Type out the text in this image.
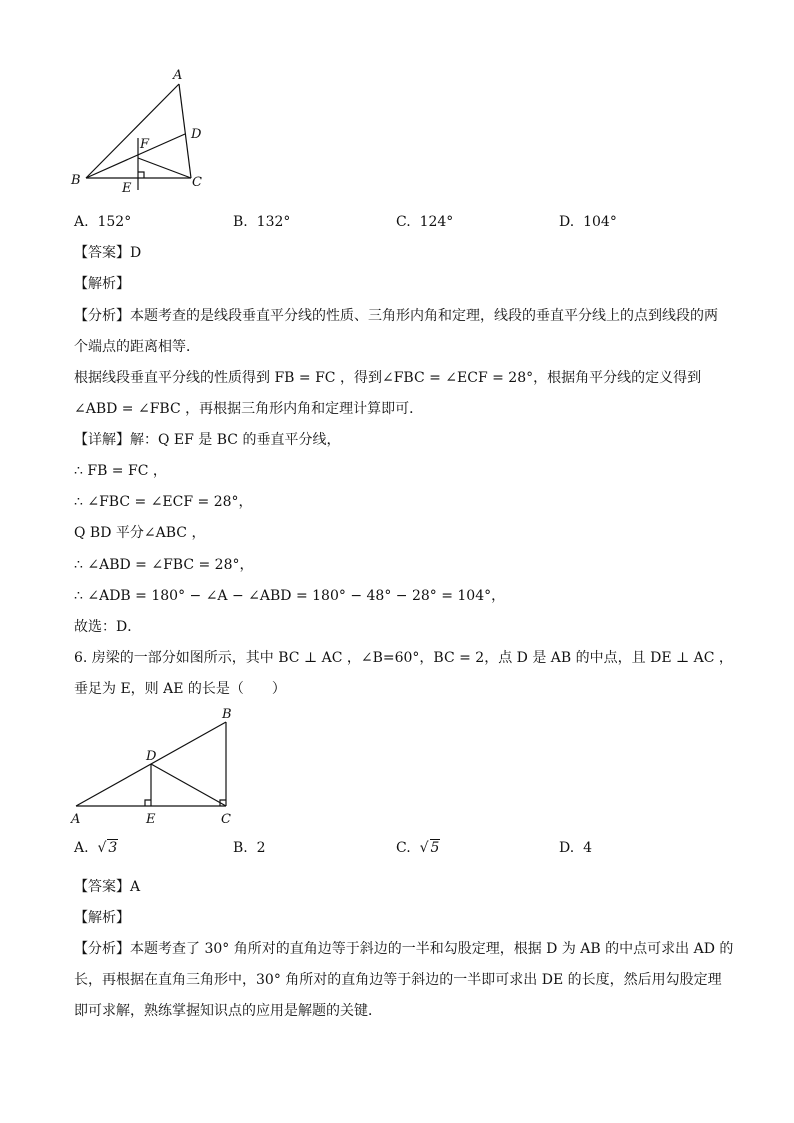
A
D
F
B	C
E
A. 152°	B. 132°	C. 124°	D. 104°
【答案】D
【解析】
【分析】本题考查的是线段垂直平分线的性质、三角形内角和定理，线段的垂直平分线上的点到线段的两
个端点的距离相等．
根据线段垂直平分线的性质得到 FB = FC ，得到∠FBC = ∠ECF = 28°，根据角平分线的定义得到
∠ABD = ∠FBC ，再根据三角形内角和定理计算即可．
【详解】解：Q EF 是 BC 的垂直平分线，
∴ FB = FC ，
∴ ∠FBC = ∠ECF = 28°，
Q BD 平分∠ABC ，
∴ ∠ABD = ∠FBC = 28°，
∴ ∠ADB = 180° − ∠A − ∠ABD = 180° − 48° − 28° = 104°，
故选：D．
6. 房梁的一部分如图所示，其中 BC ⊥ AC ，∠B=60°，BC = 2，点 D 是 AB 的中点，且 DE ⊥ AC ，
垂足为 E，则 AE 的长是（　　）
B
D
A	E	C
A.  √ 3	B. 2	C.  √ 5	D. 4
【答案】A
【解析】
【分析】本题考查了 30° 角所对的直角边等于斜边的一半和勾股定理，根据 D 为 AB 的中点可求出 AD 的
长，再根据在直角三角形中，30° 角所对的直角边等于斜边的一半即可求出 DE 的长度，然后用勾股定理
即可求解，熟练掌握知识点的应用是解题的关键．
